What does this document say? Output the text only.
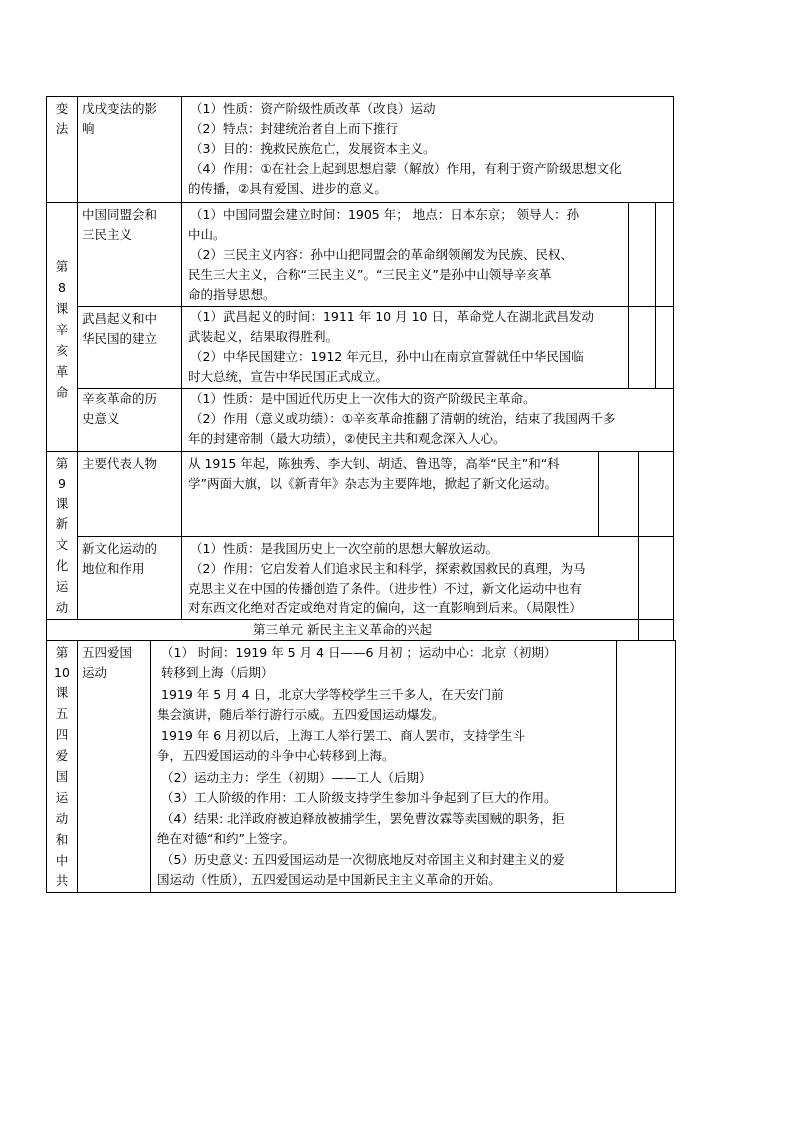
变
法
戊戌变法的影
响
（1）性质：资产阶级性质改革（改良）运动
（2）特点：封建统治者自上而下推行
（3）目的：挽救民族危亡，发展资本主义。
（4）作用：①在社会上起到思想启蒙（解放）作用，有利于资产阶级思想文化
的传播，②具有爱国、进步的意义。
第
8
课
辛
亥
革
命
中国同盟会和
三民主义
（1）中国同盟会建立时间：1905 年； 地点：日本东京； 领导人：孙
中山。
（2）三民主义内容：孙中山把同盟会的革命纲领阐发为民族、民权、
民生三大主义，合称“三民主义”。“三民主义”是孙中山领导辛亥革
命的指导思想。
武昌起义和中
华民国的建立
（1）武昌起义的时间：1911 年 10 月 10 日，革命党人在湖北武昌发动
武装起义，结果取得胜利。
（2）中华民国建立：1912 年元旦，孙中山在南京宣誓就任中华民国临
时大总统，宣告中华民国正式成立。
辛亥革命的历
史意义
（1）性质：是中国近代历史上一次伟大的资产阶级民主革命。
（2）作用（意义或功绩）：①辛亥革命推翻了清朝的统治，结束了我国两千多
年的封建帝制（最大功绩），②使民主共和观念深入人心。
第
9
课
新
文
化
运
动
主要代表人物 从 1915 年起，陈独秀、李大钊、胡适、鲁迅等，高举“民主”和“科
学”两面大旗，以《新青年》杂志为主要阵地，掀起了新文化运动。
新文化运动的
地位和作用
（1）性质：是我国历史上一次空前的思想大解放运动。
（2）作用：它启发着人们追求民主和科学，探索救国救民的真理，为马
克思主义在中国的传播创造了条件。（进步性）不过，新文化运动中也有
对东西文化绝对否定或绝对肯定的偏向，这一直影响到后来。（局限性）
第三单元 新民主主义革命的兴起
第
10
课
五
四
爱
国
运
动
和
中
共
五四爱国
运动
（1） 时间：1919 年 5 月 4 日——6 月初 ；运动中心：北京（初期）
转移到上海（后期）
1919 年 5 月 4 日，北京大学等校学生三千多人，在天安门前
集会演讲，随后举行游行示威。五四爱国运动爆发。
1919 年 6 月初以后，上海工人举行罢工、商人罢市，支持学生斗
争，五四爱国运动的斗争中心转移到上海。
（2）运动主力：学生（初期）——工人（后期）
（3）工人阶级的作用：工人阶级支持学生参加斗争起到了巨大的作用。
（4）结果: 北洋政府被迫释放被捕学生，罢免曹汝霖等卖国贼的职务，拒
绝在对德“和约”上签字。
（5）历史意义: 五四爱国运动是一次彻底地反对帝国主义和封建主义的爱
国运动（性质），五四爱国运动是中国新民主主义革命的开始。
